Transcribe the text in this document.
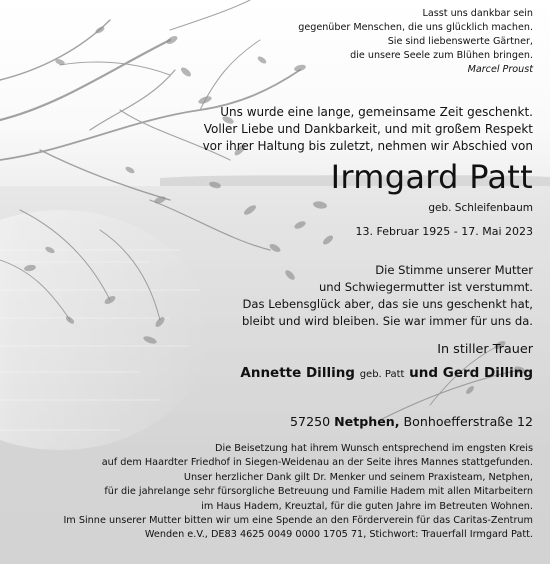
Lasst uns dankbar sein
gegenüber Menschen, die uns glücklich machen.
Sie sind liebenswerte Gärtner,
die unsere Seele zum Blühen bringen.
Marcel Proust
Uns wurde eine lange, gemeinsame Zeit geschenkt.
Voller Liebe und Dankbarkeit, und mit großem Respekt
vor ihrer Haltung bis zuletzt, nehmen wir Abschied von
Irmgard Patt
geb. Schleifenbaum
13. Februar 1925 - 17. Mai 2023
Die Stimme unserer Mutter
und Schwiegermutter ist verstummt.
Das Lebensglück aber, das sie uns geschenkt hat,
bleibt und wird bleiben. Sie war immer für uns da.
In stiller Trauer
Annette Dilling geb. Patt und Gerd Dilling
57250 Netphen, Bonhoefferstraße 12
Die Beisetzung hat ihrem Wunsch entsprechend im engsten Kreis
auf dem Haardter Friedhof in Siegen-Weidenau an der Seite ihres Mannes stattgefunden.
Unser herzlicher Dank gilt Dr. Menker und seinem Praxisteam, Netphen,
für die jahrelange sehr fürsorgliche Betreuung und Familie Hadem mit allen Mitarbeitern
im Haus Hadem, Kreuztal, für die guten Jahre im Betreuten Wohnen.
Im Sinne unserer Mutter bitten wir um eine Spende an den Förderverein für das Caritas-Zentrum
Wenden e.V., DE83 4625 0049 0000 1705 71, Stichwort: Trauerfall Irmgard Patt.
